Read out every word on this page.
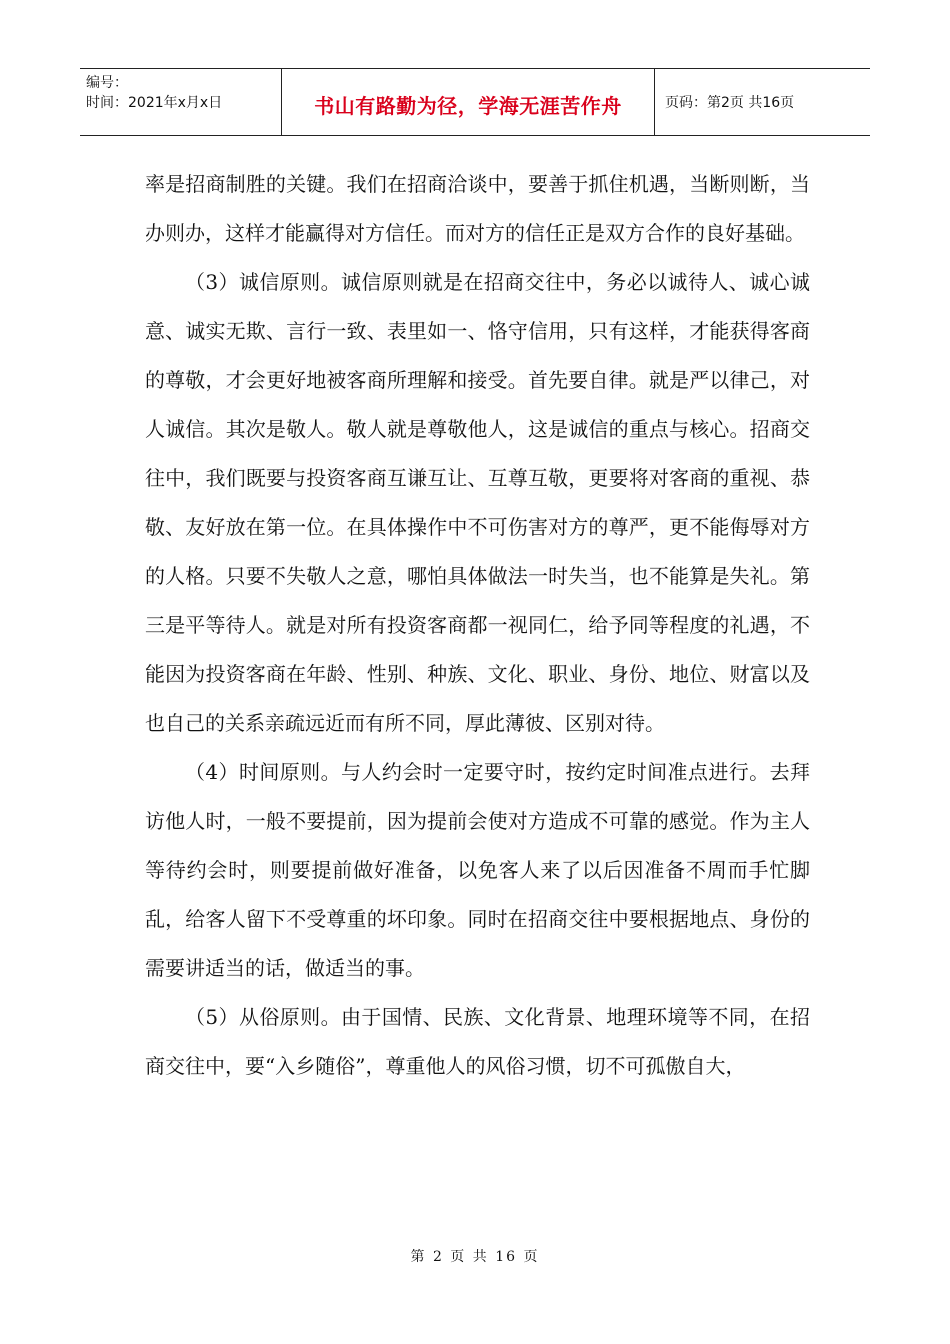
编号：
时间：2021年x月x日	书山有路勤为径，学海无涯苦作舟	页码：第2页 共16页

率是招商制胜的关键。我们在招商洽谈中，要善于抓住机遇，当断则断，当办则办，这样才能赢得对方信任。而对方的信任正是双方合作的良好基础。

（3）诚信原则。诚信原则就是在招商交往中，务必以诚待人、诚心诚意、诚实无欺、言行一致、表里如一、恪守信用，只有这样，才能获得客商的尊敬，才会更好地被客商所理解和接受。首先要自律。就是严以律己，对人诚信。其次是敬人。敬人就是尊敬他人，这是诚信的重点与核心。招商交往中，我们既要与投资客商互谦互让、互尊互敬，更要将对客商的重视、恭敬、友好放在第一位。在具体操作中不可伤害对方的尊严，更不能侮辱对方的人格。只要不失敬人之意，哪怕具体做法一时失当，也不能算是失礼。第三是平等待人。就是对所有投资客商都一视同仁，给予同等程度的礼遇，不能因为投资客商在年龄、性别、种族、文化、职业、身份、地位、财富以及也自己的关系亲疏远近而有所不同，厚此薄彼、区别对待。

（4）时间原则。与人约会时一定要守时，按约定时间准点进行。去拜访他人时，一般不要提前，因为提前会使对方造成不可靠的感觉。作为主人等待约会时，则要提前做好准备，以免客人来了以后因准备不周而手忙脚乱，给客人留下不受尊重的坏印象。同时在招商交往中要根据地点、身份的需要讲适当的话，做适当的事。

（5）从俗原则。由于国情、民族、文化背景、地理环境等不同，在招商交往中，要“入乡随俗”，尊重他人的风俗习惯，切不可孤傲自大，

第 2 页 共 16 页
